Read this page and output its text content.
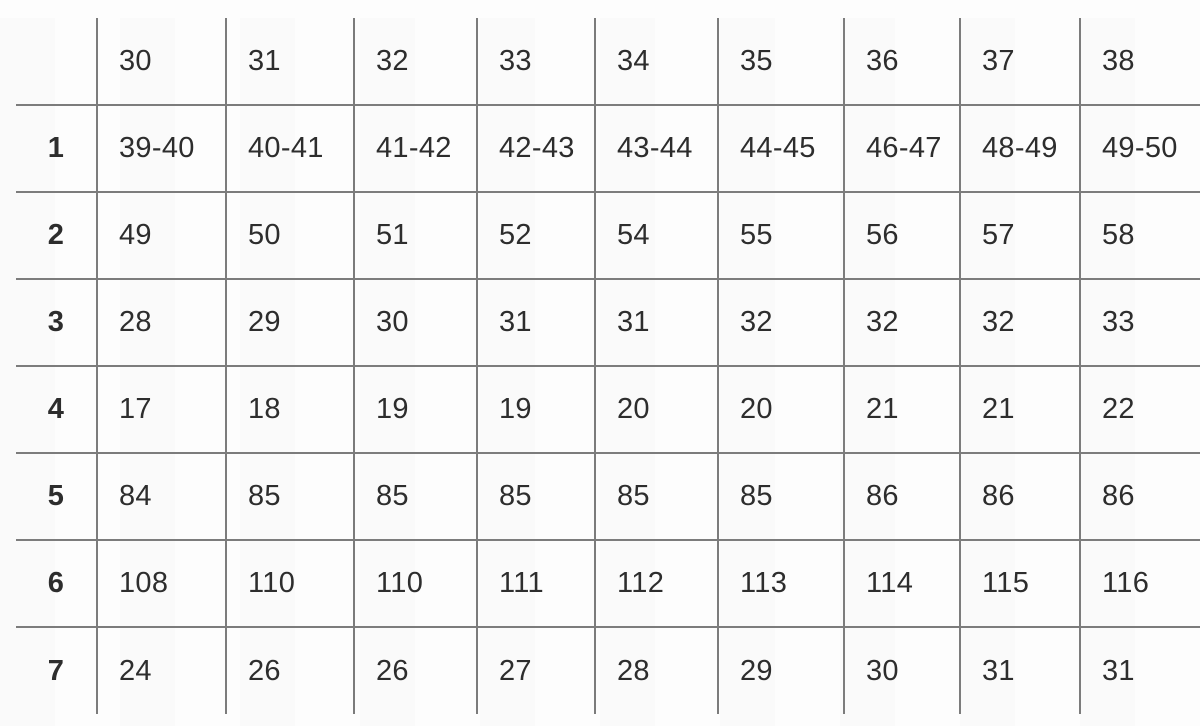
	30	31	32	33	34	35	36	37	38
1	39-40	40-41	41-42	42-43	43-44	44-45	46-47	48-49	49-50
2	49	50	51	52	54	55	56	57	58
3	28	29	30	31	31	32	32	32	33
4	17	18	19	19	20	20	21	21	22
5	84	85	85	85	85	85	86	86	86
6	108	110	110	111	112	113	114	115	116
7	24	26	26	27	28	29	30	31	31
